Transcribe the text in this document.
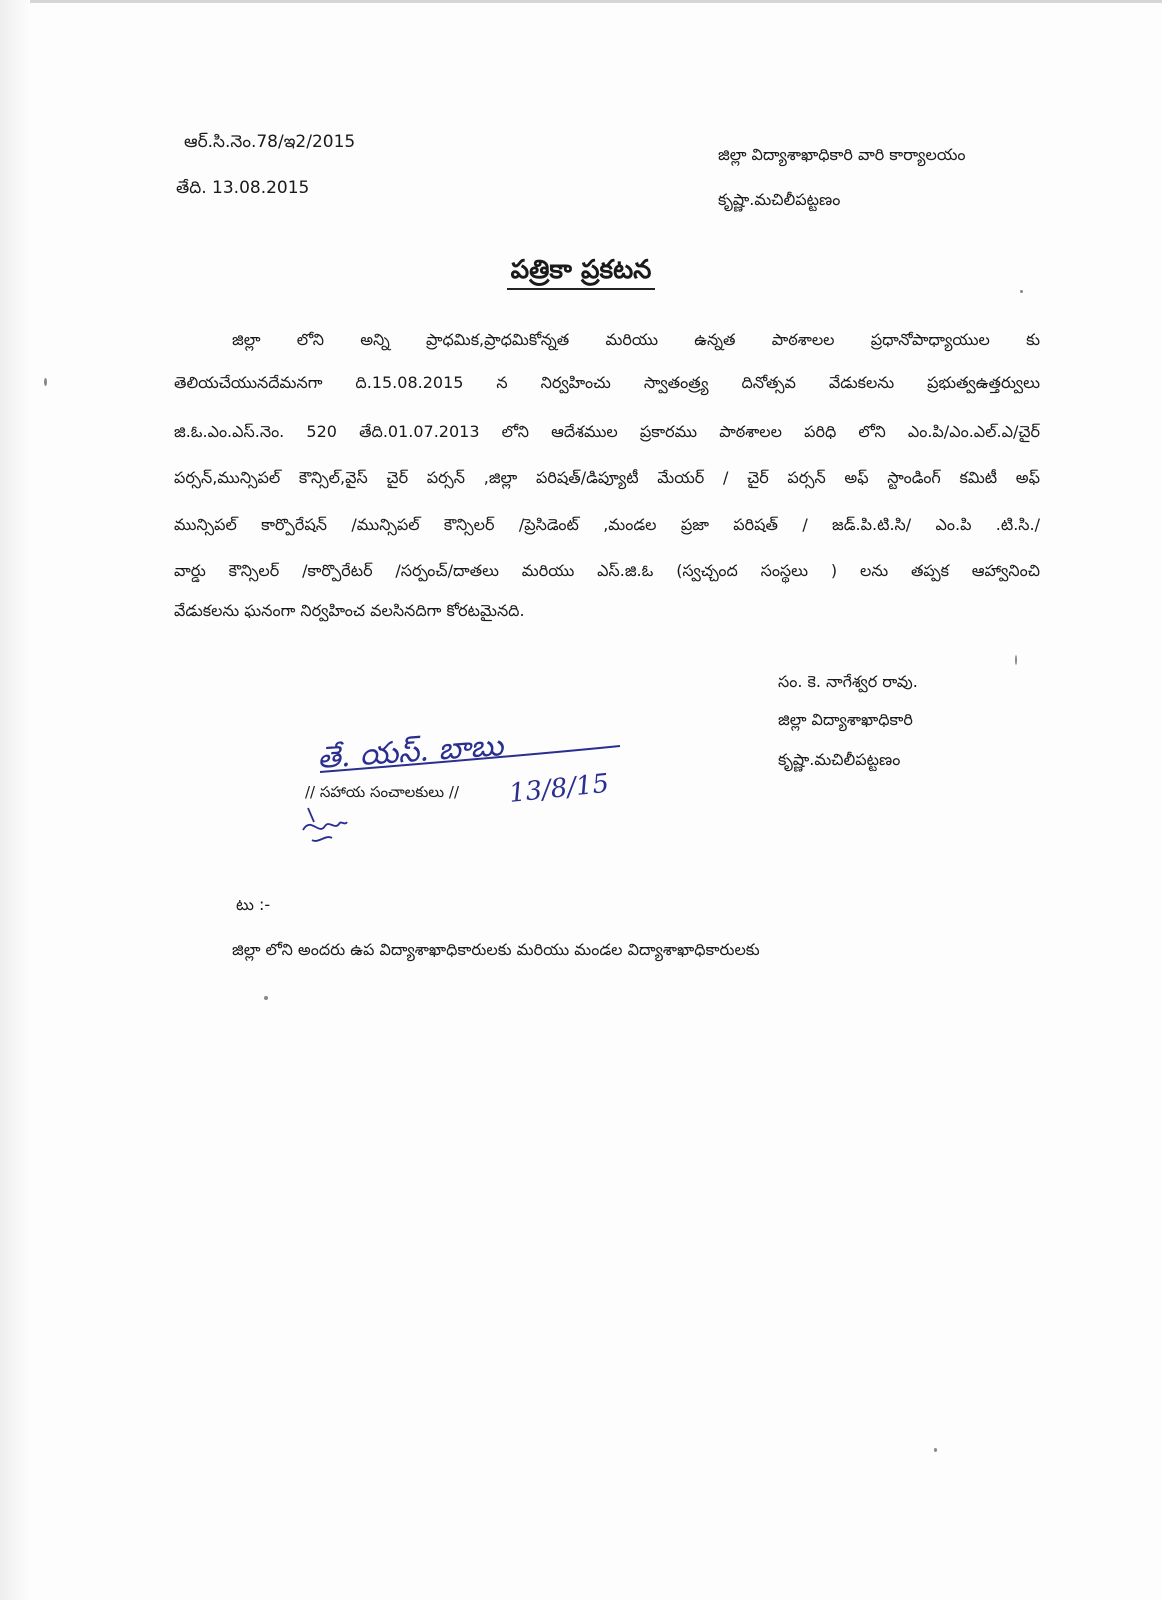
ఆర్.సి.నెం.78/ఇ2/2015
తేది. 13.08.2015
జిల్లా విద్యాశాఖాధికారి వారి కార్యాలయం
కృష్ణా.మచిలీపట్టణం
పత్రికా ప్రకటన
జిల్లా లోని అన్ని ప్రాధమిక,ప్రాధమికోన్నత మరియు ఉన్నత పాఠశాలల ప్రధానోపాధ్యాయుల కు
తెలియచేయునదేమనగా ది.15.08.2015 న నిర్వహించు స్వాతంత్ర్య దినోత్సవ వేడుకలను ప్రభుత్వఉత్తర్వులు
జి.ఓ.ఎం.ఎస్.నెం. 520 తేది.01.07.2013 లోని ఆదేశముల ప్రకారము పాఠశాలల పరిధి లోని ఎం.పి/ఎం.ఎల్.ఎ/చైర్
పర్సన్,మున్సిపల్ కౌన్సిల్,వైస్ చైర్ పర్సన్ ,జిల్లా పరిషత్/డిప్యూటీ మేయర్ / చైర్ పర్సన్ అఫ్ స్టాండింగ్ కమిటీ అఫ్
మున్సిపల్ కార్పొరేషన్ /మున్సిపల్ కౌన్సిలర్ /ప్రెసిడెంట్ ,మండల ప్రజా పరిషత్ / జడ్.పి.టి.సి/ ఎం.పి .టి.సి./
వార్డు కౌన్సిలర్ /కార్పొరేటర్ /సర్పంచ్/దాతలు మరియు ఎస్.జి.ఓ (స్వచ్చంద సంస్థలు ) లను తప్పక ఆహ్వానించి
వేడుకలను ఘనంగా నిర్వహించ వలసినదిగా కోరటమైనది.
సం. కె. నాగేశ్వర రావు.
జిల్లా విద్యాశాఖాధికారి
కృష్ణా.మచిలీపట్టణం
తే. యస్. బాబు
13/8/15
// సహాయ సంచాలకులు //
టు :-
జిల్లా లోని అందరు ఉప విద్యాశాఖాధికారులకు మరియు మండల విద్యాశాఖాధికారులకు
